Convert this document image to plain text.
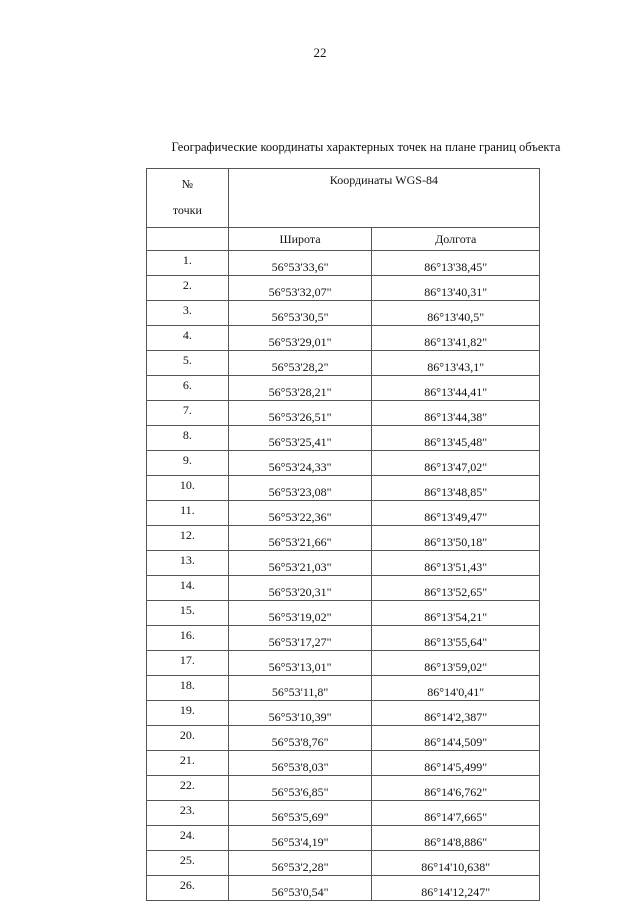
22
Географические координаты характерных точек на плане границ объекта
№
точки	Координаты WGS-84	
	Широта	Долгота
1.	56°53'33,6"	86°13'38,45"
2.	56°53'32,07"	86°13'40,31"
3.	56°53'30,5"	86°13'40,5"
4.	56°53'29,01"	86°13'41,82"
5.	56°53'28,2"	86°13'43,1"
6.	56°53'28,21"	86°13'44,41"
7.	56°53'26,51"	86°13'44,38"
8.	56°53'25,41"	86°13'45,48"
9.	56°53'24,33"	86°13'47,02"
10.	56°53'23,08"	86°13'48,85"
11.	56°53'22,36"	86°13'49,47"
12.	56°53'21,66"	86°13'50,18"
13.	56°53'21,03"	86°13'51,43"
14.	56°53'20,31"	86°13'52,65"
15.	56°53'19,02"	86°13'54,21"
16.	56°53'17,27"	86°13'55,64"
17.	56°53'13,01"	86°13'59,02"
18.	56°53'11,8"	86°14'0,41"
19.	56°53'10,39"	86°14'2,387"
20.	56°53'8,76"	86°14'4,509"
21.	56°53'8,03"	86°14'5,499"
22.	56°53'6,85"	86°14'6,762"
23.	56°53'5,69"	86°14'7,665"
24.	56°53'4,19"	86°14'8,886"
25.	56°53'2,28"	86°14'10,638"
26.	56°53'0,54"	86°14'12,247"
